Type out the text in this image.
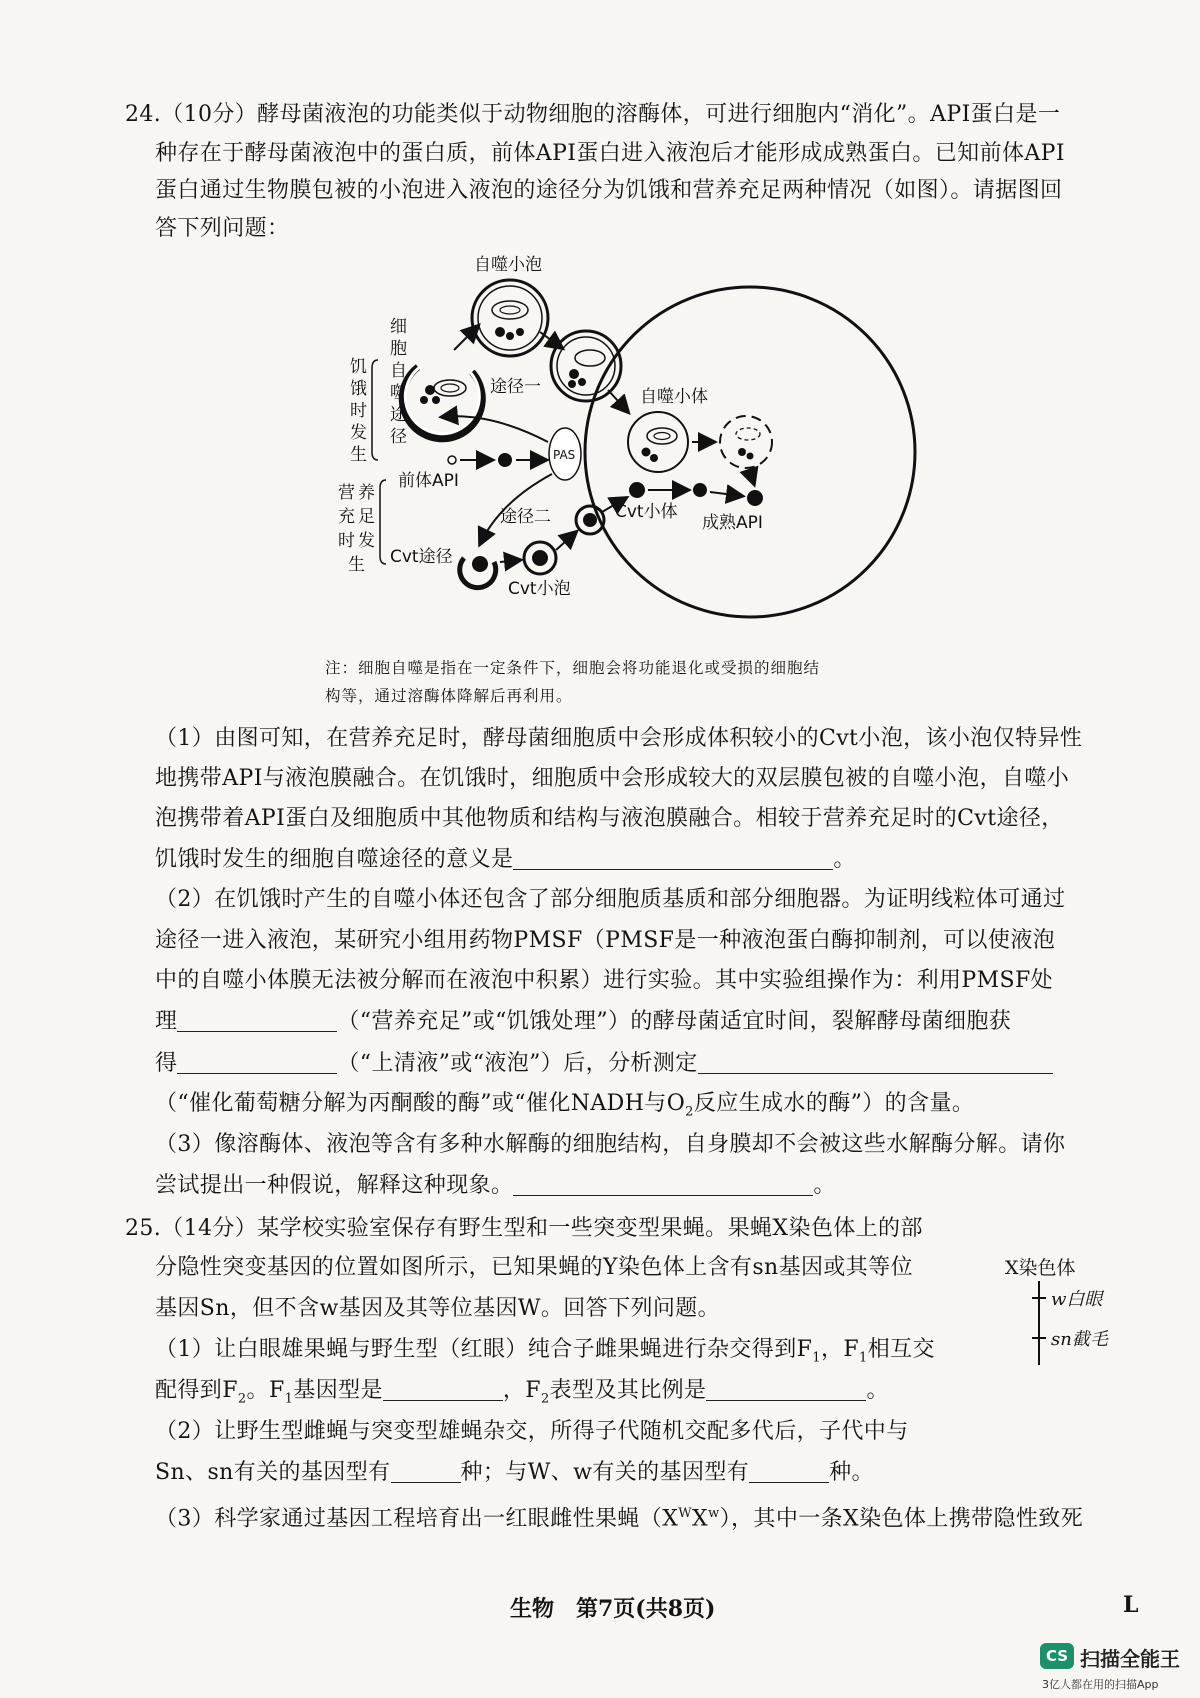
24.（10分）酵母菌液泡的功能类似于动物细胞的溶酶体，可进行细胞内“消化”。API蛋白是一
种存在于酵母菌液泡中的蛋白质，前体API蛋白进入液泡后才能形成成熟蛋白。已知前体API
蛋白通过生物膜包被的小泡进入液泡的途径分为饥饿和营养充足两种情况（如图）。请据图回
答下列问题：
自噬小泡
细
胞
自
噬
途
径
饥
饿
时
发
生
营 养
充 足
时 发
生
途径一	自噬小体
前体API
途径二	Cvt小体
成熟API
Cvt途径
Cvt小泡
PAS
注：细胞自噬是指在一定条件下，细胞会将功能退化或受损的细胞结
构等，通过溶酶体降解后再利用。
（1）由图可知，在营养充足时，酵母菌细胞质中会形成体积较小的Cvt小泡，该小泡仅特异性
地携带API与液泡膜融合。在饥饿时，细胞质中会形成较大的双层膜包被的自噬小泡，自噬小
泡携带着API蛋白及细胞质中其他物质和结构与液泡膜融合。相较于营养充足时的Cvt途径，
饥饿时发生的细胞自噬途径的意义是	。
（2）在饥饿时产生的自噬小体还包含了部分细胞质基质和部分细胞器。为证明线粒体可通过
途径一进入液泡，某研究小组用药物PMSF（PMSF是一种液泡蛋白酶抑制剂，可以使液泡
中的自噬小体膜无法被分解而在液泡中积累）进行实验。其中实验组操作为：利用PMSF处
理	（“营养充足”或“饥饿处理”）的酵母菌适宜时间，裂解酵母菌细胞获
得	（“上清液”或“液泡”）后，分析测定
（“催化葡萄糖分解为丙酮酸的酶”或“催化NADH与$O_2$反应生成水的酶”）的含量。
（3）像溶酶体、液泡等含有多种水解酶的细胞结构，自身膜却不会被这些水解酶分解。请你
尝试提出一种假说，解释这种现象。	。
25.（14分）某学校实验室保存有野生型和一些突变型果蝇。果蝇X染色体上的部
分隐性突变基因的位置如图所示，已知果蝇的Y染色体上含有sn基因或其等位
基因Sn，但不含w基因及其等位基因W。回答下列问题。
X染色体
w白眼
sn截毛
（1）让白眼雄果蝇与野生型（红眼）纯合子雌果蝇进行杂交得到$F_1$，$F_1$相互交
配得到$F_2$。$F_1$基因型是	，$F_2$表型及其比例是	。
（2）让野生型雌蝇与突变型雄蝇杂交，所得子代随机交配多代后，子代中与
Sn、sn有关的基因型有	种；与W、w有关的基因型有	种。
（3）科学家通过基因工程培育出一红眼雌性果蝇$(X^WX^w)$，其中一条X染色体上携带隐性致死
生物　第7页(共8页)	L
CS 扫描全能王
3亿人都在用的扫描App
